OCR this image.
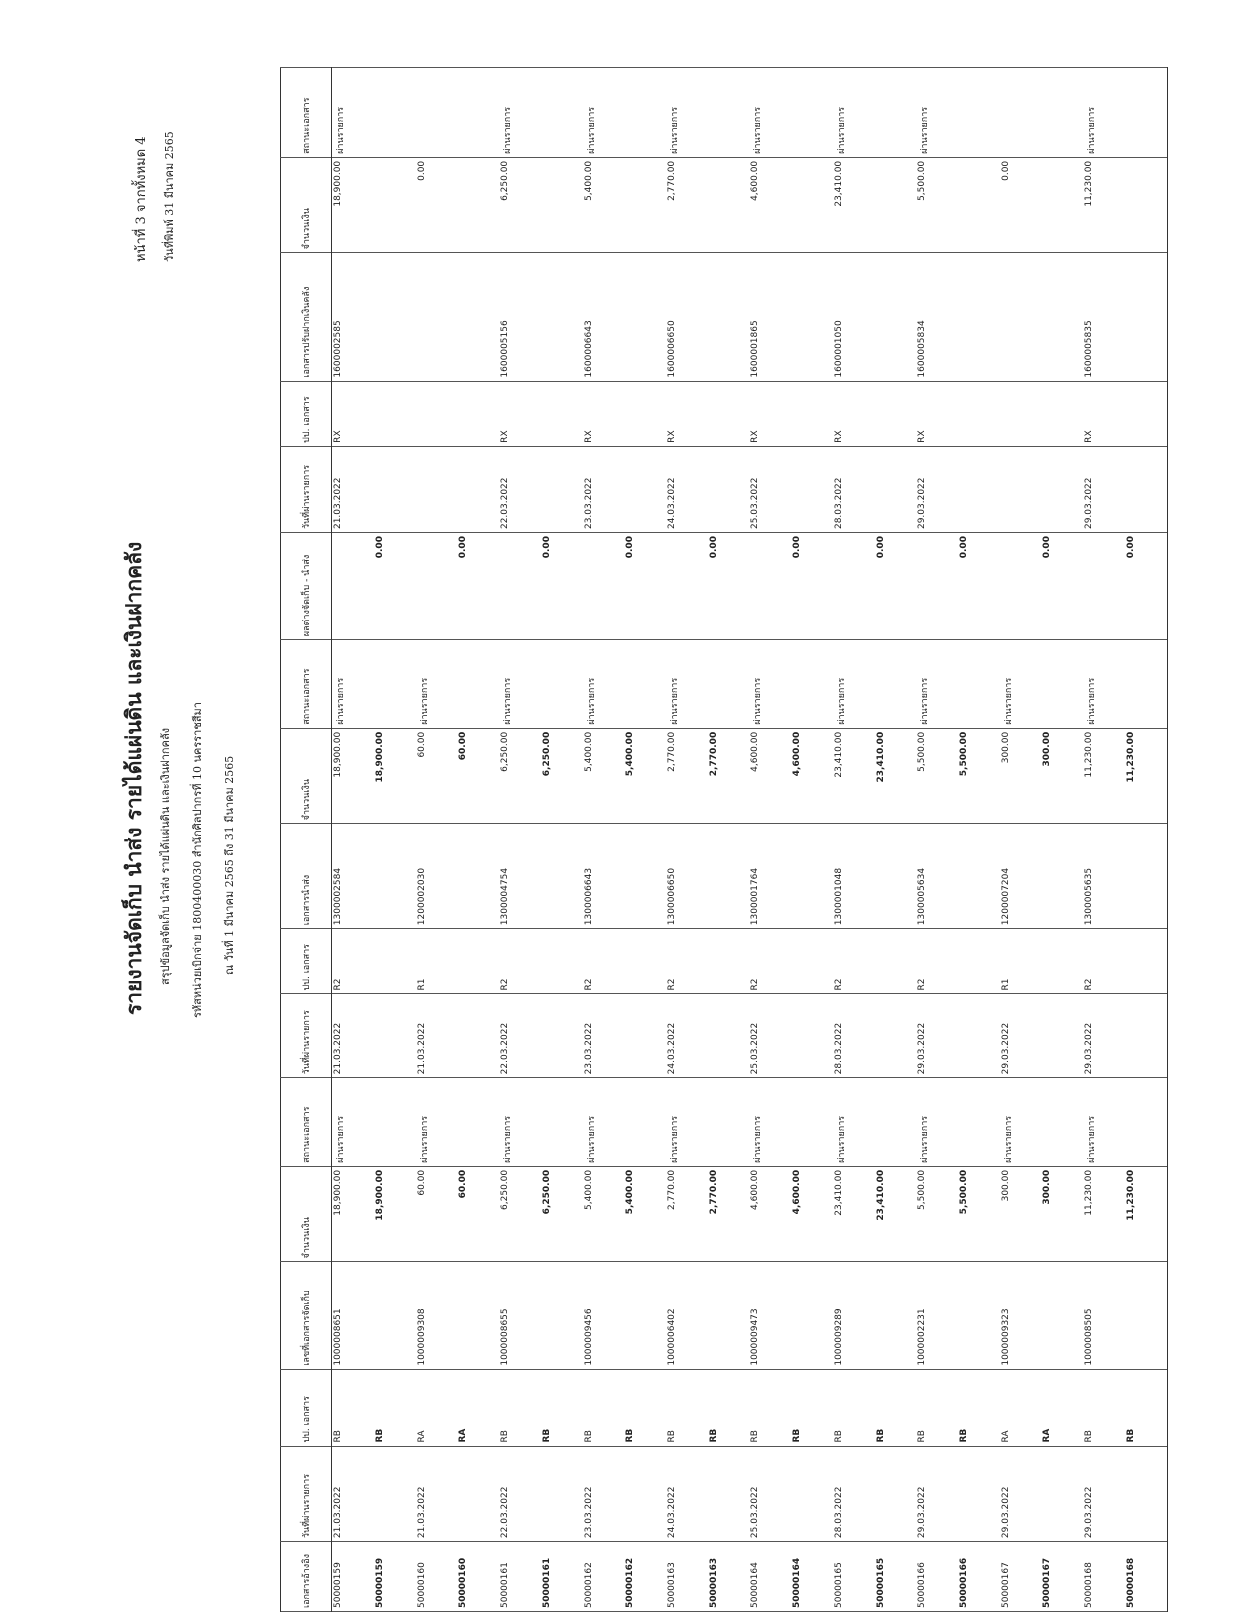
รายงานจัดเก็บ นำส่ง รายได้แผ่นดิน และเงินฝากคลัง	สรุปข้อมูลจัดเก็บ นำส่ง รายได้แผ่นดิน และเงินฝากคลัง รหัสหน่วยเบิกจ่าย 1800400030 สำนักศิลปากรที่ 10 นครราชสีมา ณ วันที่ 1 มีนาคม 2565 ถึง 31 มีนาคม 2565
หน้าที่ 3 จากทั้งหมด 4 วันที่พิมพ์ 31 มีนาคม 2565
เอกสารอ้างอิง	วันที่ผ่านรายการ	ปป. เอกสาร	เลขที่เอกสารจัดเก็บ	จำนวนเงิน	สถานะเอกสาร	วันที่ผ่านรายการ	ปป. เอกสาร	เอกสารนำส่ง	จำนวนเงิน	สถานะเอกสาร	ผลต่างจัดเก็บ - นำส่ง	วันที่ผ่านรายการ	ปป. เอกสาร	เอกสารปรับฝากเงินคลัง	จำนวนเงิน	สถานะเอกสาร
50000159	21.03.2022	RB	1000008651	18,900.00	ผ่านรายการ	21.03.2022	R2	1300002584	18,900.00	ผ่านรายการ		21.03.2022	RX	1600002585	18,900.00	ผ่านรายการ
50000159		RB		18,900.00					18,900.00		0.00					
50000160	21.03.2022	RA	1000009308	60.00	ผ่านรายการ	21.03.2022	R1	1200002030	60.00	ผ่านรายการ					0.00	
50000160		RA		60.00					60.00		0.00					
50000161	22.03.2022	RB	1000008655	6,250.00	ผ่านรายการ	22.03.2022	R2	1300004754	6,250.00	ผ่านรายการ		22.03.2022	RX	1600005156	6,250.00	ผ่านรายการ
50000161		RB		6,250.00					6,250.00		0.00					
50000162	23.03.2022	RB	1000009456	5,400.00	ผ่านรายการ	23.03.2022	R2	1300006643	5,400.00	ผ่านรายการ		23.03.2022	RX	1600006643	5,400.00	ผ่านรายการ
50000162		RB		5,400.00					5,400.00		0.00					
50000163	24.03.2022	RB	1000006402	2,770.00	ผ่านรายการ	24.03.2022	R2	1300006650	2,770.00	ผ่านรายการ		24.03.2022	RX	1600006650	2,770.00	ผ่านรายการ
50000163		RB		2,770.00					2,770.00		0.00					
50000164	25.03.2022	RB	1000009473	4,600.00	ผ่านรายการ	25.03.2022	R2	1300001764	4,600.00	ผ่านรายการ		25.03.2022	RX	1600001865	4,600.00	ผ่านรายการ
50000164		RB		4,600.00					4,600.00		0.00					
50000165	28.03.2022	RB	1000009289	23,410.00	ผ่านรายการ	28.03.2022	R2	1300001048	23,410.00	ผ่านรายการ		28.03.2022	RX	1600001050	23,410.00	ผ่านรายการ
50000165		RB		23,410.00					23,410.00		0.00					
50000166	29.03.2022	RB	1000002231	5,500.00	ผ่านรายการ	29.03.2022	R2	1300005634	5,500.00	ผ่านรายการ		29.03.2022	RX	1600005834	5,500.00	ผ่านรายการ
50000166		RB		5,500.00					5,500.00		0.00					
50000167	29.03.2022	RA	1000009323	300.00	ผ่านรายการ	29.03.2022	R1	1200007204	300.00	ผ่านรายการ					0.00	
50000167		RA		300.00					300.00		0.00					
50000168	29.03.2022	RB	1000008505	11,230.00	ผ่านรายการ	29.03.2022	R2	1300005635	11,230.00	ผ่านรายการ		29.03.2022	RX	1600005835	11,230.00	ผ่านรายการ
50000168		RB		11,230.00					11,230.00		0.00					
